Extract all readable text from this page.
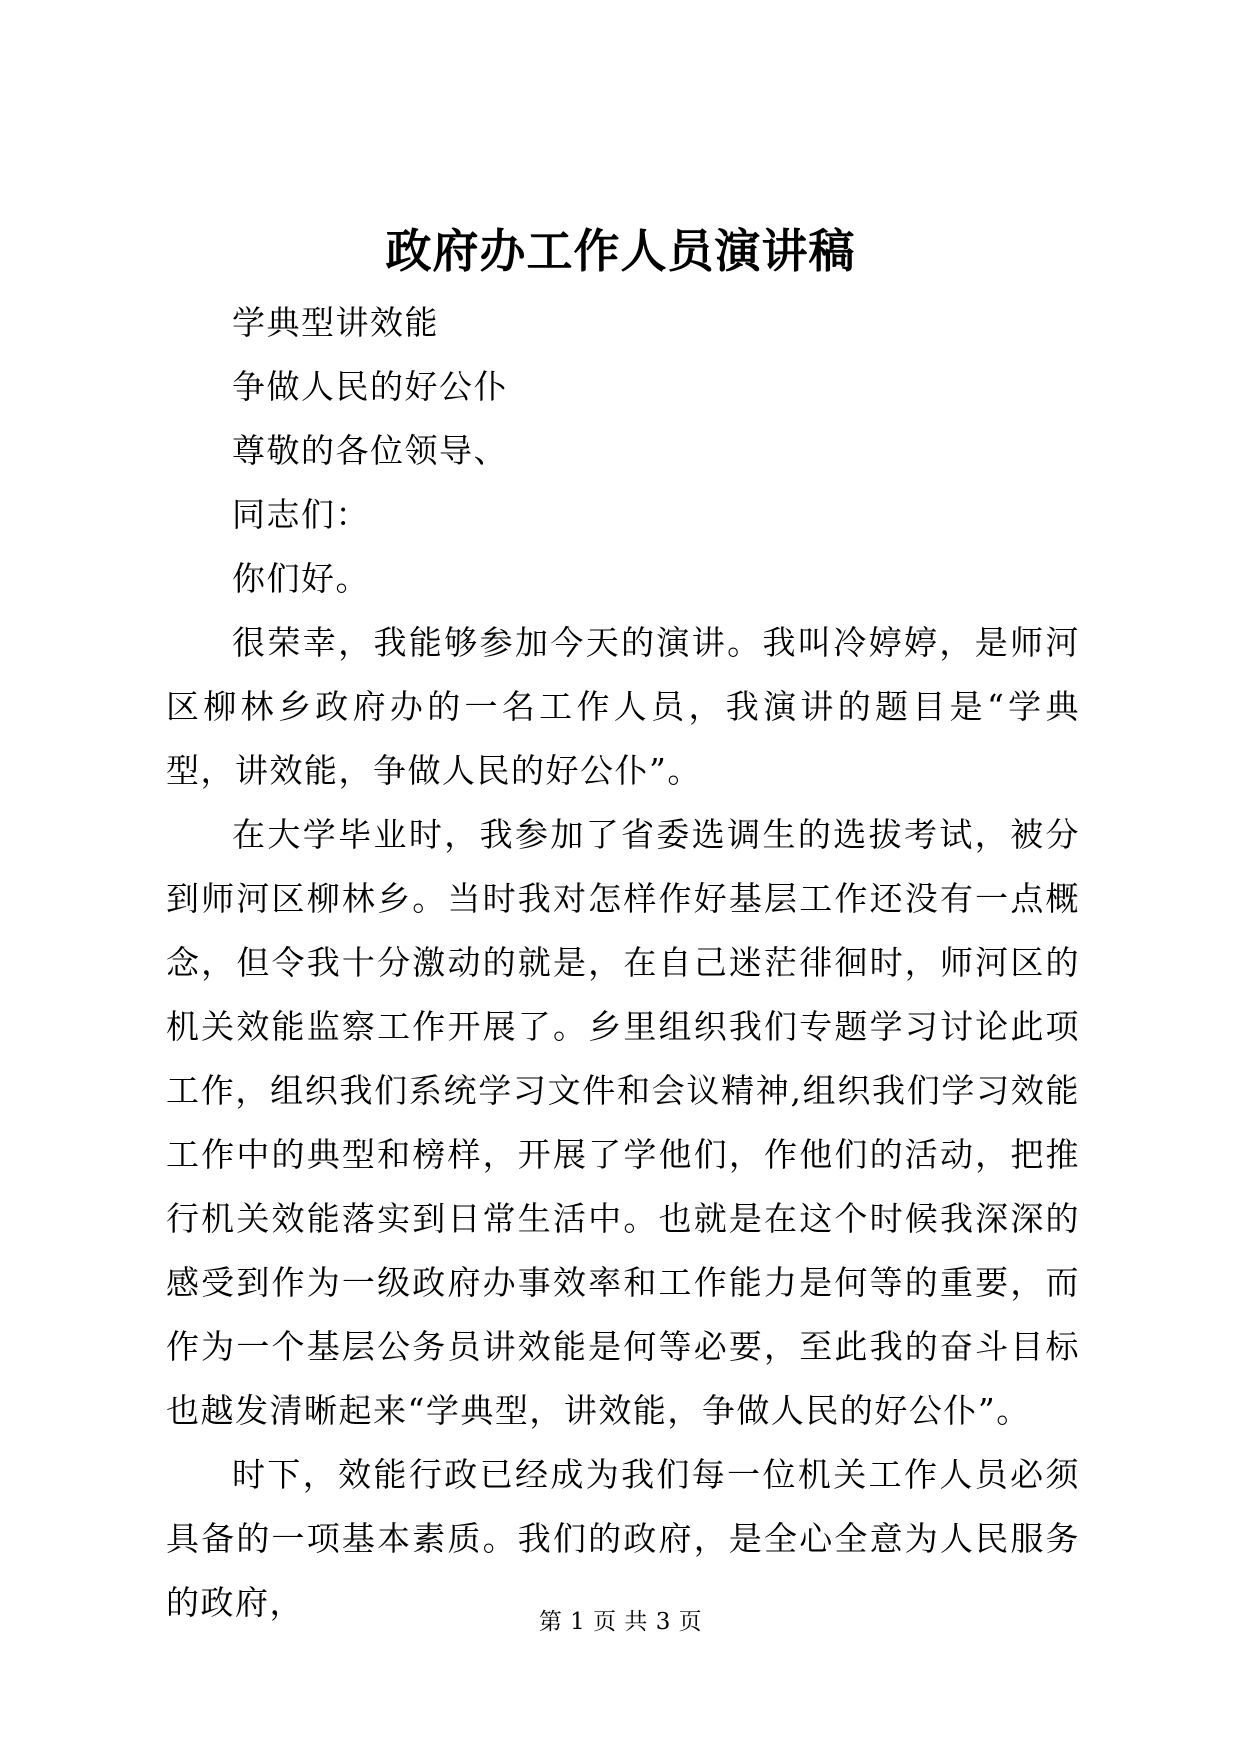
政府办工作人员演讲稿

学典型讲效能

争做人民的好公仆

尊敬的各位领导、

同志们：

你们好。

很荣幸，我能够参加今天的演讲。我叫冷婷婷，是师河区柳林乡政府办的一名工作人员，我演讲的题目是“学典型，讲效能，争做人民的好公仆”。

在大学毕业时，我参加了省委选调生的选拔考试，被分到师河区柳林乡。当时我对怎样作好基层工作还没有一点概念，但令我十分激动的就是，在自己迷茫徘徊时，师河区的机关效能监察工作开展了。乡里组织我们专题学习讨论此项工作，组织我们系统学习文件和会议精神,组织我们学习效能工作中的典型和榜样，开展了学他们，作他们的活动，把推行机关效能落实到日常生活中。也就是在这个时候我深深的感受到作为一级政府办事效率和工作能力是何等的重要，而作为一个基层公务员讲效能是何等必要，至此我的奋斗目标也越发清晰起来“学典型，讲效能，争做人民的好公仆”。

时下，效能行政已经成为我们每一位机关工作人员必须具备的一项基本素质。我们的政府，是全心全意为人民服务的政府，	第 1 页 共 3 页
